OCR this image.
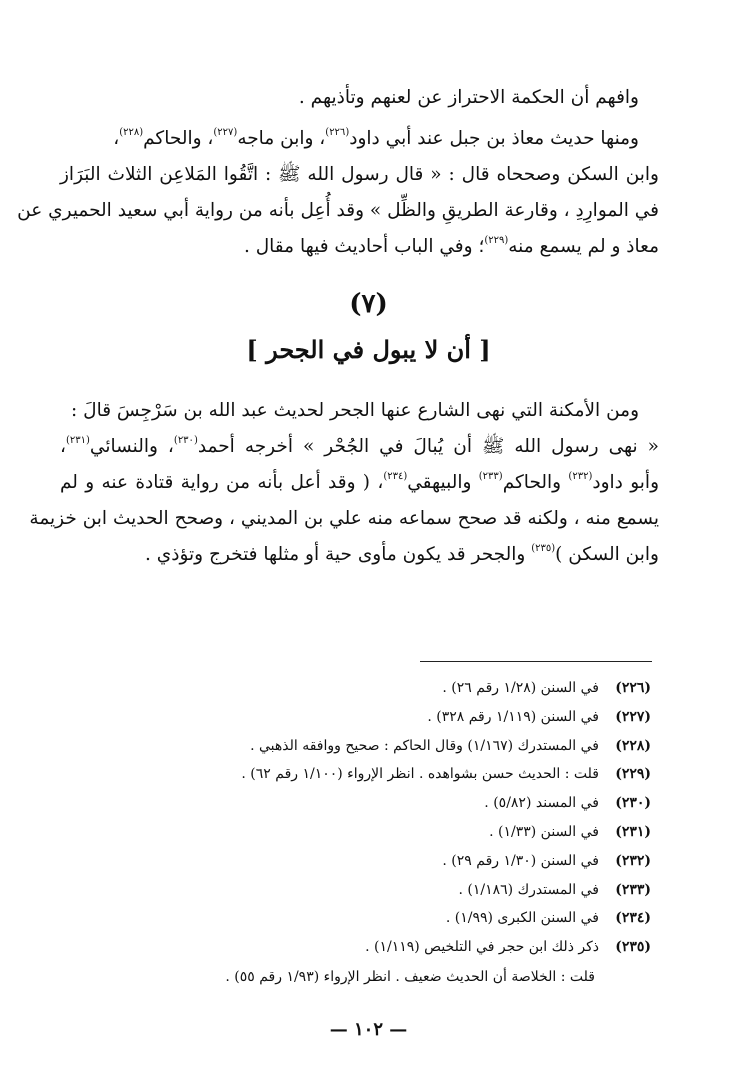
وافهم أن الحكمة الاحتراز عن لعنهم وتأذيهم .
ومنها حديث معاذ بن جبل عند أبي داود$^{(٢٢٦)}$، وابن ماجه$^{(٢٢٧)}$، والحاكم$^{(٢٢٨)}$،
وابن السكن وصححاه قال : « قال رسول الله ﷺ : اتَّقُوا المَلاعِن الثلاث البَرَاز
في الموارِدِ ، وقارعة الطريقِ والظِّل » وقد أُعِل بأنه من رواية أبي سعيد الحميري عن
معاذ و لم يسمع منه$^{(٢٢٩)}$؛ وفي الباب أحاديث فيها مقال .
(٧)
[ أن لا يبول في الجحر ]
ومن الأمكنة التي نهى الشارع عنها الجحر لحديث عبد الله بن سَرْجِسَ قالَ :
« نهى رسول الله ﷺ أن يُبالَ في الجُحْر » أخرجه أحمد$^{(٢٣٠)}$، والنسائي$^{(٢٣١)}$،
وأبو داود$^{(٢٣٢)}$ والحاكم$^{(٢٣٣)}$ والبيهقي$^{(٢٣٤)}$، ( وقد أعل بأنه من رواية قتادة عنه و لم
يسمع منه ، ولكنه قد صحح سماعه منه علي بن المديني ، وصحح الحديث ابن خزيمة
وابن السكن )$^{(٢٣٥)}$ والجحر قد يكون مأوى حية أو مثلها فتخرج وتؤذي .
(٢٢٦)
في السنن (١/٢٨ رقم ٢٦) .
(٢٢٧)
في السنن (١/١١٩ رقم ٣٢٨) .
(٢٢٨)
في المستدرك (١/١٦٧) وقال الحاكم : صحيح ووافقه الذهبي .
(٢٢٩)
قلت : الحديث حسن بشواهده . انظر الإرواء (١/١٠٠ رقم ٦٢) .
(٢٣٠)
في المسند (٥/٨٢) .
(٢٣١)
في السنن (١/٣٣) .
(٢٣٢)
في السنن (١/٣٠ رقم ٢٩) .
(٢٣٣)
في المستدرك (١/١٨٦) .
(٢٣٤)
في السنن الكبرى (١/٩٩) .
(٢٣٥)
ذكر ذلك ابن حجر في التلخيص (١/١١٩) .
قلت : الخلاصة أن الحديث ضعيف . انظر الإرواء (١/٩٣ رقم ٥٥) .
— ١٠٢ —
